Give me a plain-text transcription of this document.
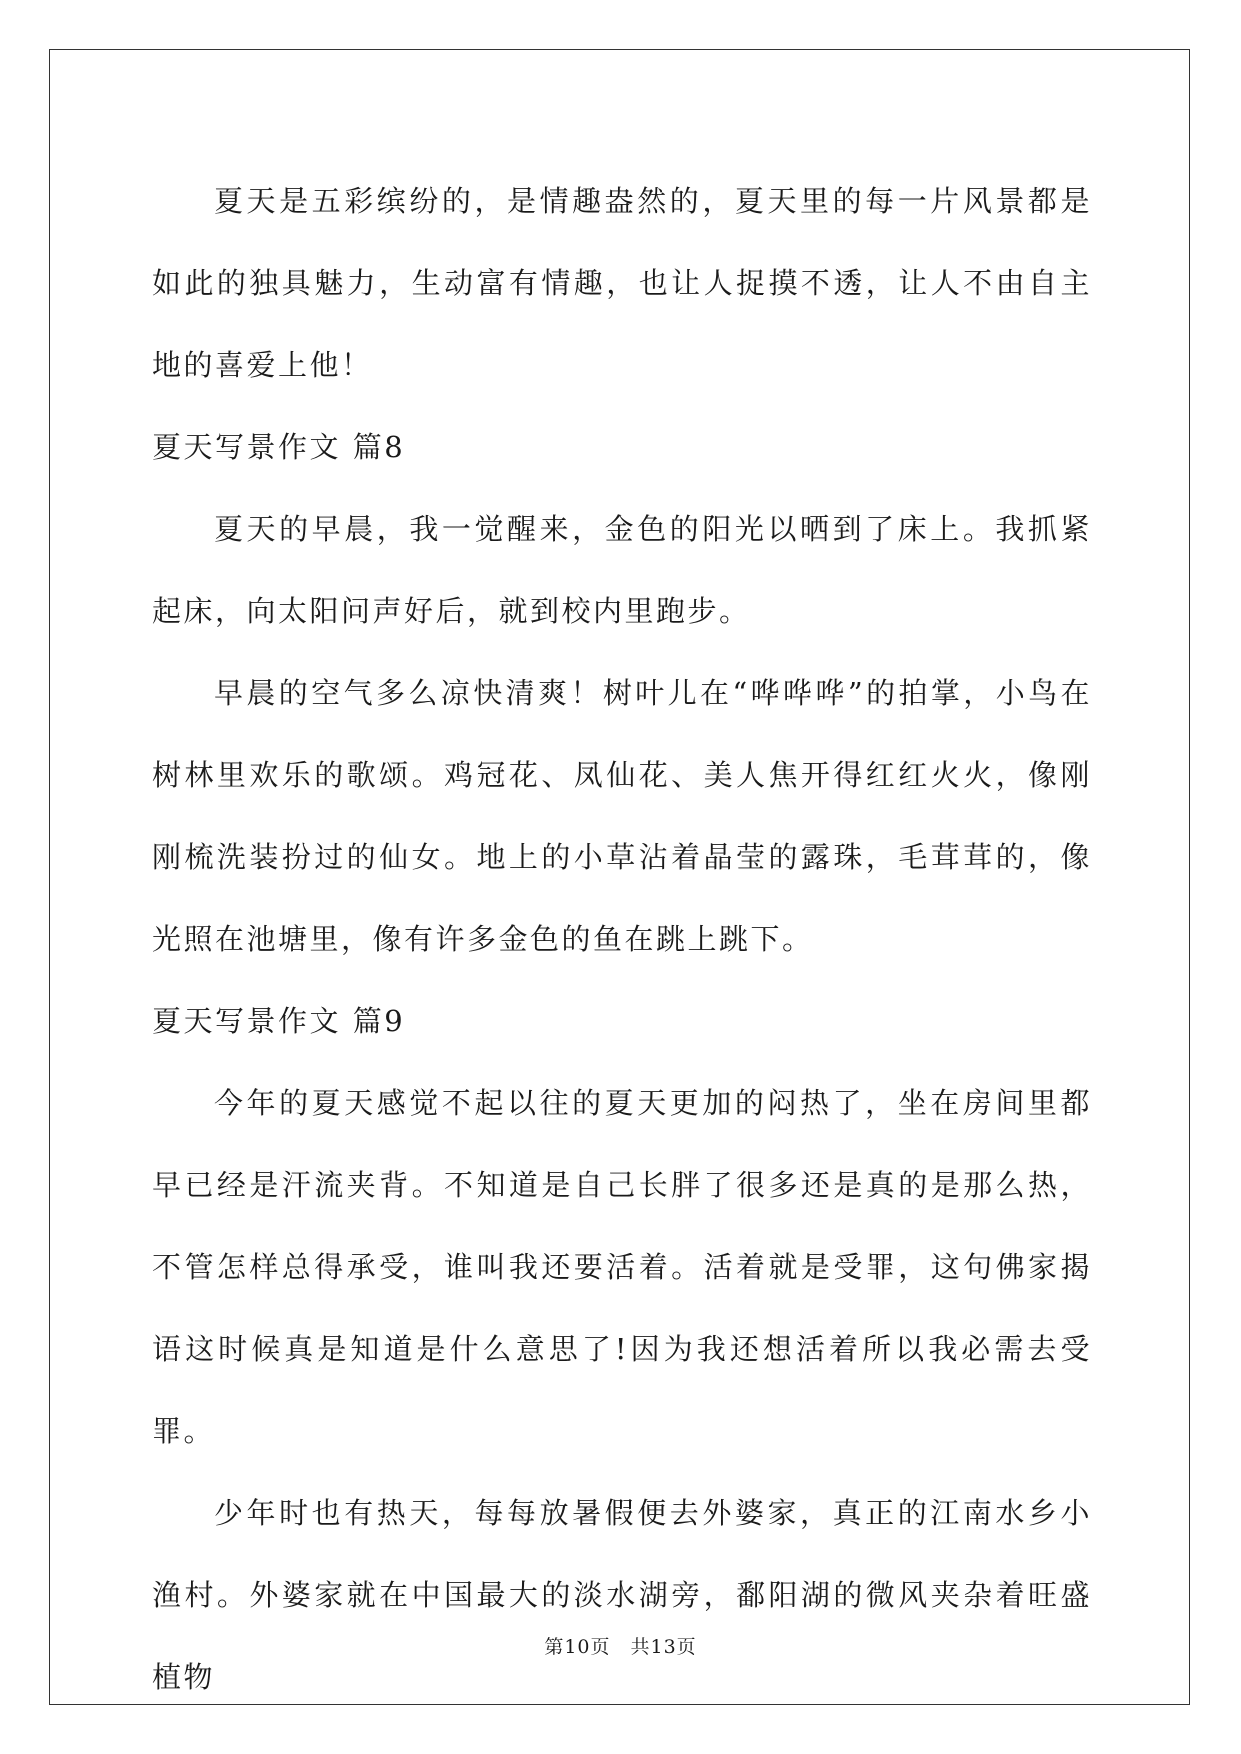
夏天是五彩缤纷的，是情趣盎然的，夏天里的每一片风景都是如此的独具魅力，生动富有情趣，也让人捉摸不透，让人不由自主地的喜爱上他！

夏天写景作文 篇8

夏天的早晨，我一觉醒来，金色的阳光以晒到了床上。我抓紧起床，向太阳问声好后，就到校内里跑步。

早晨的空气多么凉快清爽！树叶儿在“哗哗哗”的拍掌，小鸟在树林里欢乐的歌颂。鸡冠花、凤仙花、美人焦开得红红火火，像刚刚梳洗装扮过的仙女。地上的小草沾着晶莹的露珠，毛茸茸的，像光照在池塘里，像有许多金色的鱼在跳上跳下。

夏天写景作文 篇9

今年的夏天感觉不起以往的夏天更加的闷热了，坐在房间里都早已经是汗流夹背。不知道是自己长胖了很多还是真的是那么热，不管怎样总得承受，谁叫我还要活着。活着就是受罪，这句佛家揭语这时候真是知道是什么意思了!因为我还想活着所以我必需去受罪。

少年时也有热天，每每放暑假便去外婆家，真正的江南水乡小渔村。外婆家就在中国最大的淡水湖旁，鄱阳湖的微风夹杂着旺盛植物

第10页　共13页
